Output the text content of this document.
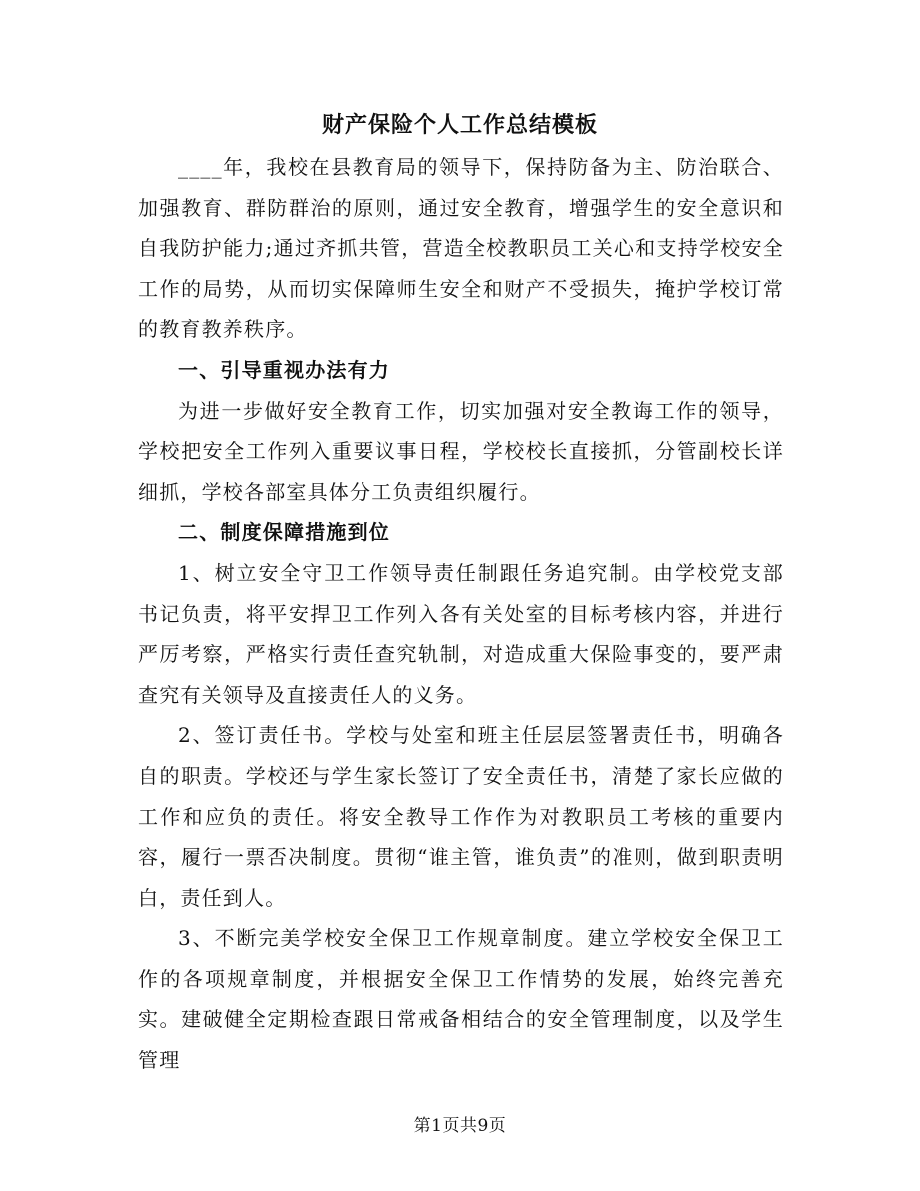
财产保险个人工作总结模板

____年，我校在县教育局的领导下，保持防备为主、防治联合、加强教育、群防群治的原则，通过安全教育，增强学生的安全意识和自我防护能力;通过齐抓共管，营造全校教职员工关心和支持学校安全工作的局势，从而切实保障师生安全和财产不受损失，掩护学校订常的教育教养秩序。

一、引导重视办法有力

为进一步做好安全教育工作，切实加强对安全教诲工作的领导，学校把安全工作列入重要议事日程，学校校长直接抓，分管副校长详细抓，学校各部室具体分工负责组织履行。

二、制度保障措施到位

1、树立安全守卫工作领导责任制跟任务追究制。由学校党支部书记负责，将平安捍卫工作列入各有关处室的目标考核内容，并进行严厉考察，严格实行责任查究轨制，对造成重大保险事变的，要严肃查究有关领导及直接责任人的义务。

2、签订责任书。学校与处室和班主任层层签署责任书，明确各自的职责。学校还与学生家长签订了安全责任书，清楚了家长应做的工作和应负的责任。将安全教导工作作为对教职员工考核的重要内容，履行一票否决制度。贯彻“谁主管，谁负责”的准则，做到职责明白，责任到人。

3、不断完美学校安全保卫工作规章制度。建立学校安全保卫工作的各项规章制度，并根据安全保卫工作情势的发展，始终完善充实。建破健全定期检查跟日常戒备相结合的安全管理制度，以及学生管理

第1页共9页
